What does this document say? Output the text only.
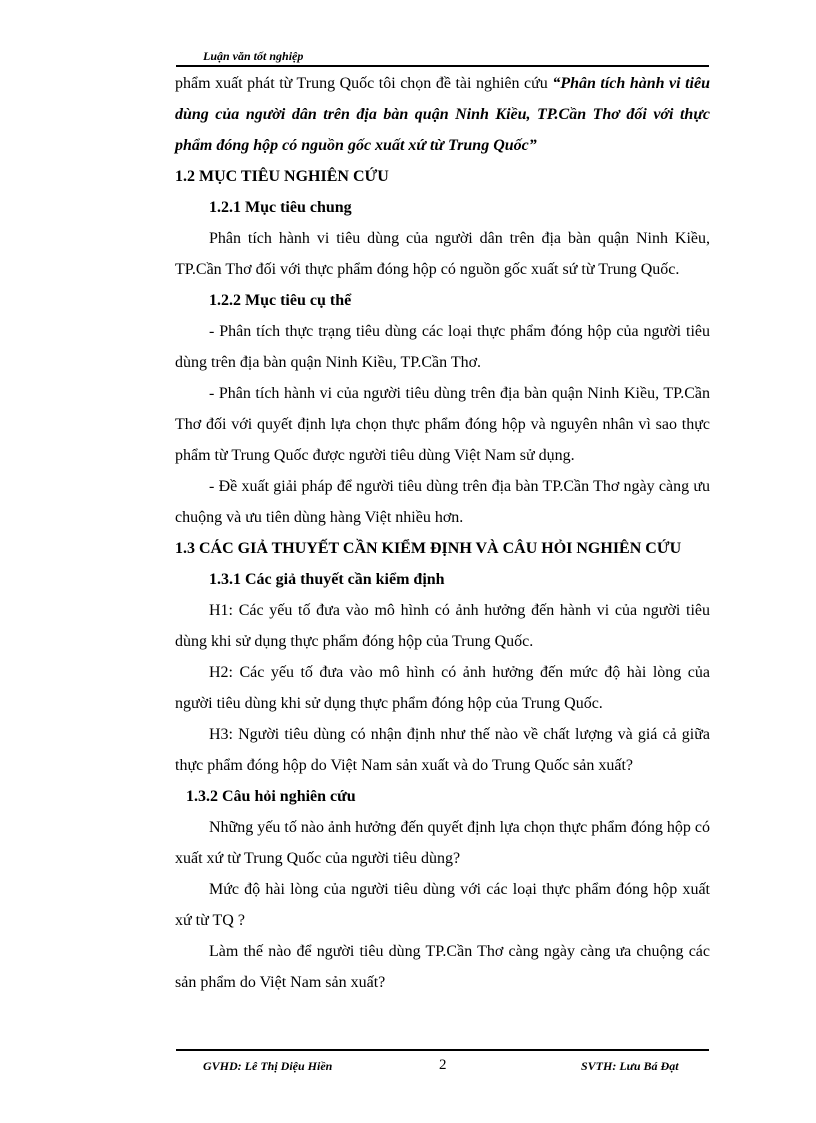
Luận văn tốt nghiệp

phẩm xuất phát từ Trung Quốc tôi chọn đề tài nghiên cứu “Phân tích hành vi tiêu dùng của người dân trên địa bàn quận Ninh Kiều, TP.Cần Thơ đối với thực phẩm đóng hộp có nguồn gốc xuất xứ từ Trung Quốc”

1.2 MỤC TIÊU NGHIÊN CỨU

1.2.1 Mục tiêu chung

Phân tích hành vi tiêu dùng của người dân trên địa bàn quận Ninh Kiều, TP.Cần Thơ đối với thực phẩm đóng hộp có nguồn gốc xuất sứ từ Trung Quốc.

1.2.2 Mục tiêu cụ thể

- Phân tích thực trạng tiêu dùng các loại thực phẩm đóng hộp của người tiêu dùng trên địa bàn quận Ninh Kiều, TP.Cần Thơ.

- Phân tích hành vi của người tiêu dùng trên địa bàn quận Ninh Kiều, TP.Cần Thơ đối với quyết định lựa chọn thực phẩm đóng hộp và nguyên nhân vì sao thực phẩm từ Trung Quốc được người tiêu dùng Việt Nam sử dụng.

- Đề xuất giải pháp để người tiêu dùng trên địa bàn TP.Cần Thơ ngày càng ưu chuộng và ưu tiên dùng hàng Việt nhiều hơn.

1.3 CÁC GIẢ THUYẾT CẦN KIỂM ĐỊNH VÀ CÂU HỎI NGHIÊN CỨU

1.3.1 Các giả thuyết cần kiểm định

H1: Các yếu tố đưa vào mô hình có ảnh hưởng đến hành vi của người tiêu dùng khi sử dụng thực phẩm đóng hộp của Trung Quốc.

H2: Các yếu tố đưa vào mô hình có ảnh hưởng đến mức độ hài lòng của người tiêu dùng khi sử dụng thực phẩm đóng hộp của Trung Quốc.

H3: Người tiêu dùng có nhận định như thế nào về chất lượng và giá cả giữa thực phẩm đóng hộp do Việt Nam sản xuất và do Trung Quốc sản xuất?

1.3.2 Câu hỏi nghiên cứu

Những yếu tố nào ảnh hưởng đến quyết định lựa chọn thực phẩm đóng hộp có xuất xứ từ Trung Quốc của người tiêu dùng?

Mức độ hài lòng của người tiêu dùng với các loại thực phẩm đóng hộp xuất xứ từ TQ ?

Làm thế nào để người tiêu dùng TP.Cần Thơ càng ngày càng ưa chuộng các sản phẩm do Việt Nam sản xuất?

GVHD: Lê Thị Diệu Hiền	2	SVTH: Lưu Bá Đạt
